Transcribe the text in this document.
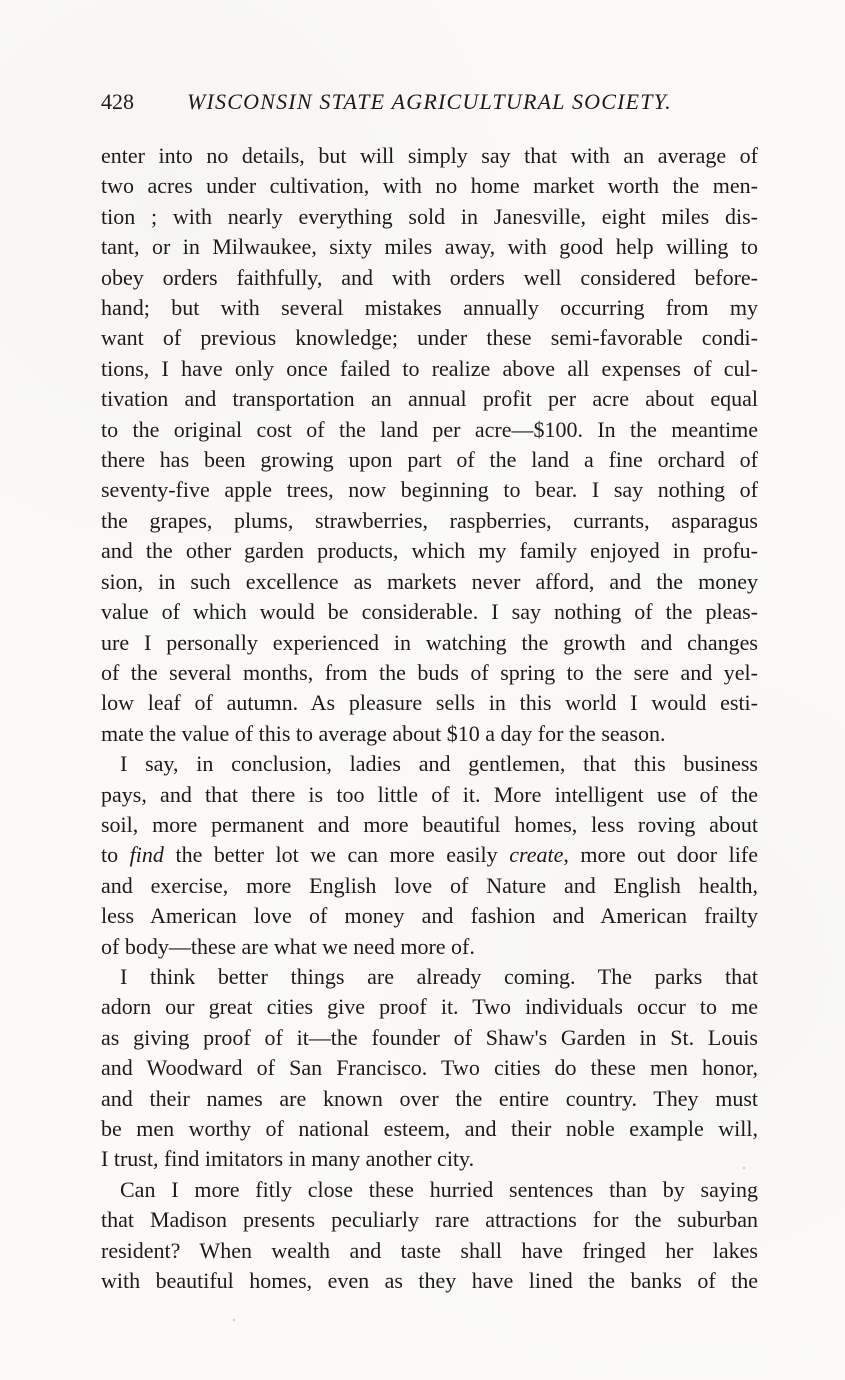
428 WISCONSIN STATE AGRICULTURAL SOCIETY.
enter into no details, but will simply say that with an average of
two acres under cultivation, with no home market worth the men-
tion ; with nearly everything sold in Janesville, eight miles dis-
tant, or in Milwaukee, sixty miles away, with good help willing to
obey orders faithfully, and with orders well considered before-
hand; but with several mistakes annually occurring from my
want of previous knowledge; under these semi-favorable condi-
tions, I have only once failed to realize above all expenses of cul-
tivation and transportation an annual profit per acre about equal
to the original cost of the land per acre—$100. In the meantime
there has been growing upon part of the land a fine orchard of
seventy-five apple trees, now beginning to bear. I say nothing of
the grapes, plums, strawberries, raspberries, currants, asparagus
and the other garden products, which my family enjoyed in profu-
sion, in such excellence as markets never afford, and the money
value of which would be considerable. I say nothing of the pleas-
ure I personally experienced in watching the growth and changes
of the several months, from the buds of spring to the sere and yel-
low leaf of autumn. As pleasure sells in this world I would esti-
mate the value of this to average about $10 a day for the season.
I say, in conclusion, ladies and gentlemen, that this business
pays, and that there is too little of it. More intelligent use of the
soil, more permanent and more beautiful homes, less roving about
to find the better lot we can more easily create, more out door life
and exercise, more English love of Nature and English health,
less American love of money and fashion and American frailty
of body—these are what we need more of.
I think better things are already coming. The parks that
adorn our great cities give proof it. Two individuals occur to me
as giving proof of it—the founder of Shaw's Garden in St. Louis
and Woodward of San Francisco. Two cities do these men honor,
and their names are known over the entire country. They must
be men worthy of national esteem, and their noble example will,
I trust, find imitators in many another city.
Can I more fitly close these hurried sentences than by saying
that Madison presents peculiarly rare attractions for the suburban
resident? When wealth and taste shall have fringed her lakes
with beautiful homes, even as they have lined the banks of the
